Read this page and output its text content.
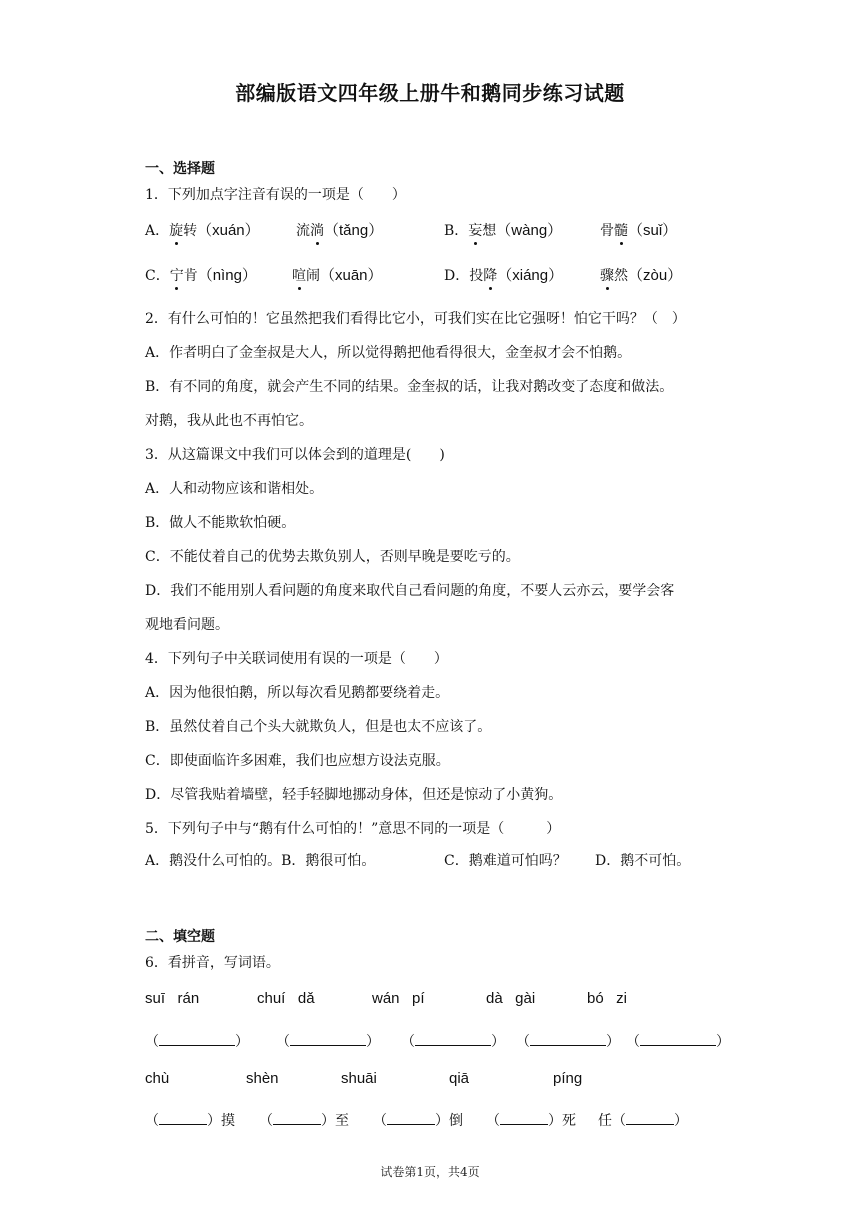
部编版语文四年级上册牛和鹅同步练习试题
一、选择题
1．下列加点字注音有误的一项是（　　）
A．旋转（xuán）	流淌（tǎng）	B．妄想（wàng）	骨髓（suǐ）
C．宁肯（nìng）	喧闹（xuān）	D．投降（xiáng）	骤然（zòu）
2．有什么可怕的！它虽然把我们看得比它小，可我们实在比它强呀！怕它干吗？（　）
A．作者明白了金奎叔是大人，所以觉得鹅把他看得很大，金奎叔才会不怕鹅。
B．有不同的角度，就会产生不同的结果。金奎叔的话，让我对鹅改变了态度和做法。
对鹅，我从此也不再怕它。
3．从这篇课文中我们可以体会到的道理是(　　)
A．人和动物应该和谐相处。
B．做人不能欺软怕硬。
C．不能仗着自己的优势去欺负别人，否则早晚是要吃亏的。
D．我们不能用别人看问题的角度来取代自己看问题的角度，不要人云亦云，要学会客
观地看问题。
4．下列句子中关联词使用有误的一项是（　　）
A．因为他很怕鹅，所以每次看见鹅都要绕着走。
B．虽然仗着自己个头大就欺负人，但是也太不应该了。
C．即使面临许多困难，我们也应想方设法克服。
D．尽管我贴着墙壁，轻手轻脚地挪动身体，但还是惊动了小黄狗。
5．下列句子中与“鹅有什么可怕的！”意思不同的一项是（　　　）
A．鹅没什么可怕的。B．鹅很可怕。	C．鹅难道可怕吗？ D．鹅不可怕。
二、填空题
6．看拼音，写词语。
suī   rán	chuí   dǎ	wán   pí	dà   gài	bó   zi
（	） （	） （	） （	） （	）
chù	shèn	shuāi	qiā	píng
（	）摸 （	）至 （	）倒 （	）死 任（	）
试卷第1页，共4页
